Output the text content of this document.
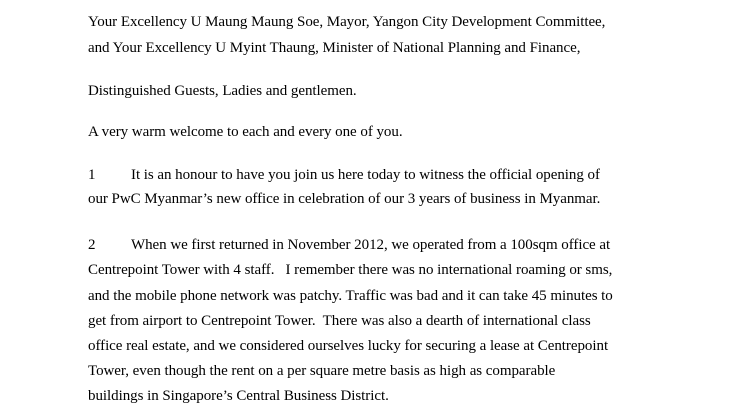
Your Excellency U Maung Maung Soe, Mayor, Yangon City Development Committee,
and Your Excellency U Myint Thaung, Minister of National Planning and Finance,
Distinguished Guests, Ladies and gentlemen.
A very warm welcome to each and every one of you.
1 It is an honour to have you join us here today to witness the official opening of
our PwC Myanmar’s new office in celebration of our 3 years of business in Myanmar.
2 When we first returned in November 2012, we operated from a 100sqm office at
Centrepoint Tower with 4 staff.   I remember there was no international roaming or sms,
and the mobile phone network was patchy. Traffic was bad and it can take 45 minutes to
get from airport to Centrepoint Tower.  There was also a dearth of international class
office real estate, and we considered ourselves lucky for securing a lease at Centrepoint
Tower, even though the rent on a per square metre basis as high as comparable
buildings in Singapore’s Central Business District.
